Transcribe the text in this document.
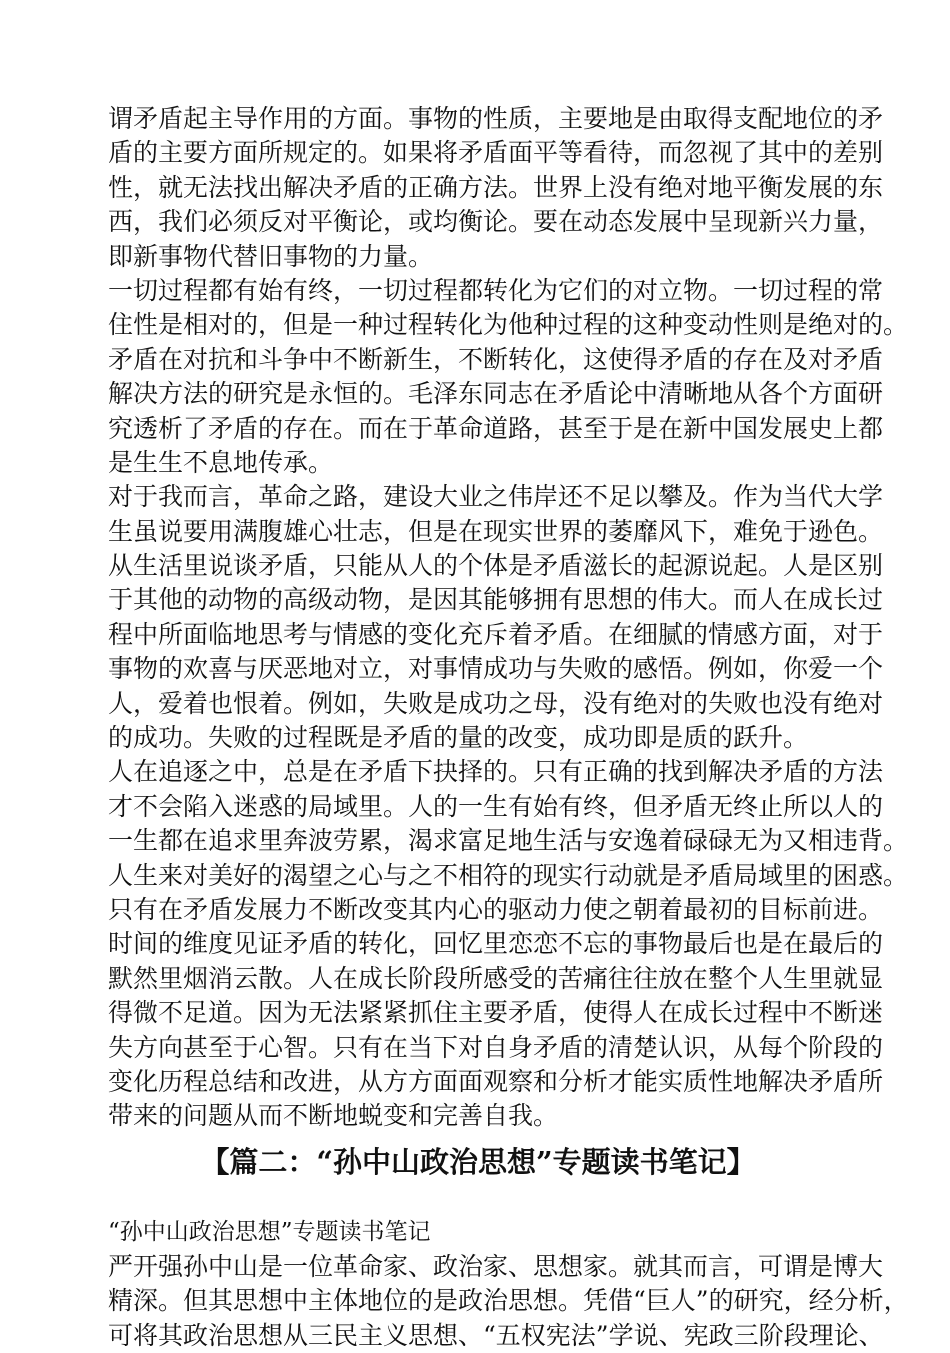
谓矛盾起主导作用的方面。事物的性质，主要地是由取得支配地位的矛
盾的主要方面所规定的。如果将矛盾面平等看待，而忽视了其中的差别
性，就无法找出解决矛盾的正确方法。世界上没有绝对地平衡发展的东
西，我们必须反对平衡论，或均衡论。要在动态发展中呈现新兴力量，
即新事物代替旧事物的力量。

一切过程都有始有终，一切过程都转化为它们的对立物。一切过程的常
住性是相对的，但是一种过程转化为他种过程的这种变动性则是绝对的。
矛盾在对抗和斗争中不断新生，不断转化，这使得矛盾的存在及对矛盾
解决方法的研究是永恒的。毛泽东同志在矛盾论中清晰地从各个方面研
究透析了矛盾的存在。而在于革命道路，甚至于是在新中国发展史上都
是生生不息地传承。

对于我而言，革命之路，建设大业之伟岸还不足以攀及。作为当代大学
生虽说要用满腹雄心壮志，但是在现实世界的萎靡风下，难免于逊色。
从生活里说谈矛盾，只能从人的个体是矛盾滋长的起源说起。人是区别
于其他的动物的高级动物，是因其能够拥有思想的伟大。而人在成长过
程中所面临地思考与情感的变化充斥着矛盾。在细腻的情感方面，对于
事物的欢喜与厌恶地对立，对事情成功与失败的感悟。例如，你爱一个
人，爱着也恨着。例如，失败是成功之母，没有绝对的失败也没有绝对
的成功。失败的过程既是矛盾的量的改变，成功即是质的跃升。

人在追逐之中，总是在矛盾下抉择的。只有正确的找到解决矛盾的方法
才不会陷入迷惑的局域里。人的一生有始有终，但矛盾无终止所以人的
一生都在追求里奔波劳累，渴求富足地生活与安逸着碌碌无为又相违背。
人生来对美好的渴望之心与之不相符的现实行动就是矛盾局域里的困惑。
只有在矛盾发展力不断改变其内心的驱动力使之朝着最初的目标前进。
时间的维度见证矛盾的转化，回忆里恋恋不忘的事物最后也是在最后的
默然里烟消云散。人在成长阶段所感受的苦痛往往放在整个人生里就显
得微不足道。因为无法紧紧抓住主要矛盾，使得人在成长过程中不断迷
失方向甚至于心智。只有在当下对自身矛盾的清楚认识，从每个阶段的
变化历程总结和改进，从方方面面观察和分析才能实质性地解决矛盾所
带来的问题从而不断地蜕变和完善自我。

【篇二：“孙中山政治思想”专题读书笔记】
“孙中山政治思想”专题读书笔记

严开强孙中山是一位革命家、政治家、思想家。就其而言，可谓是博大
精深。但其思想中主体地位的是政治思想。凭借“巨人”的研究，经分析，
可将其政治思想从三民主义思想、“五权宪法”学说、宪政三阶段理论、
